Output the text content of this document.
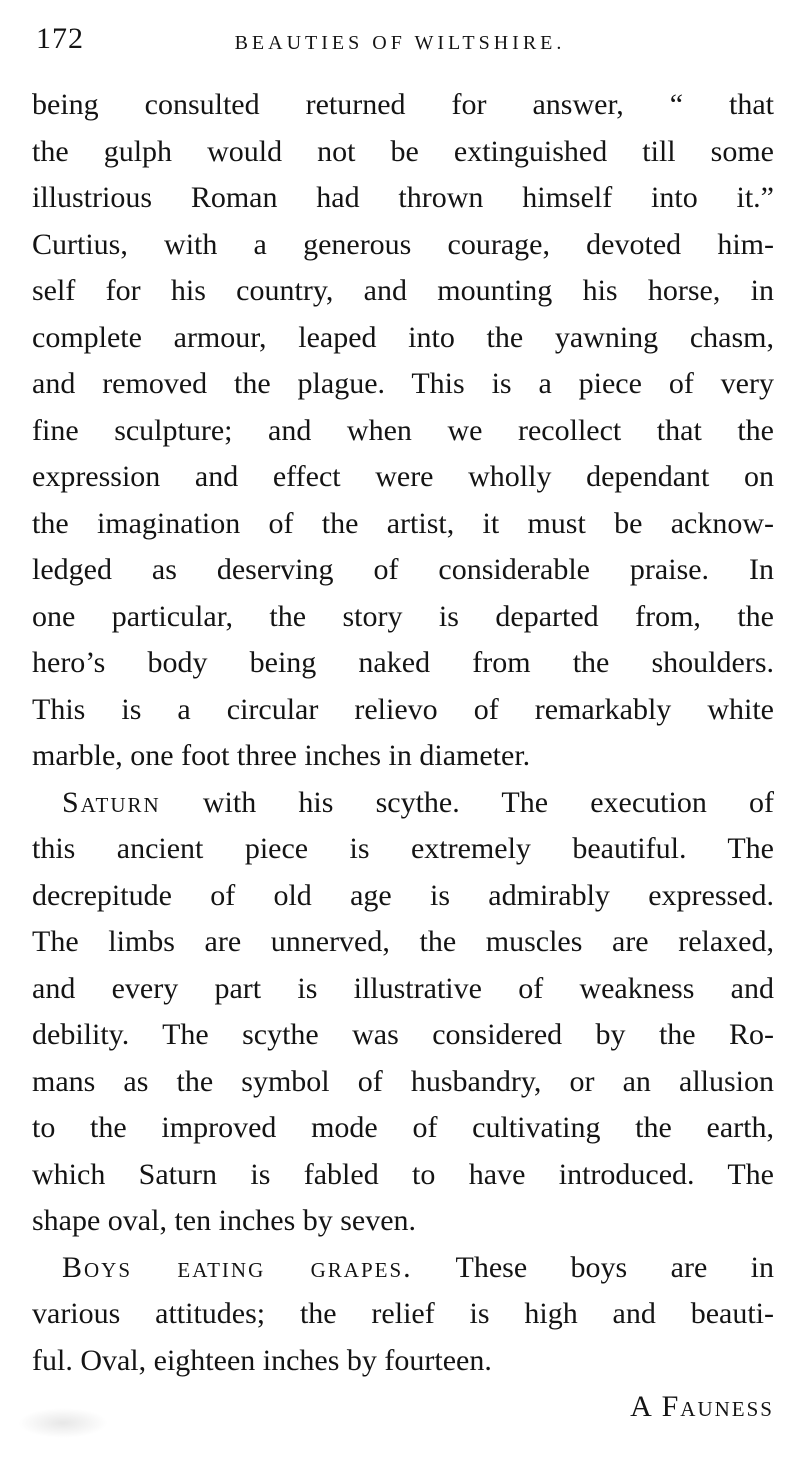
172	BEAUTIES OF WILTSHIRE.
being consulted returned for answer, “ that
the gulph would not be extinguished till some
illustrious Roman had thrown himself into it.”
Curtius, with a generous courage, devoted him-
self for his country, and mounting his horse, in
complete armour, leaped into the yawning chasm,
and removed the plague. This is a piece of very
fine sculpture; and when we recollect that the
expression and effect were wholly dependant on
the imagination of the artist, it must be acknow-
ledged as deserving of considerable praise. In
one particular, the story is departed from, the
hero’s body being naked from the shoulders.
This is a circular relievo of remarkably white
marble, one foot three inches in diameter.
Saturn with his scythe. The execution of
this ancient piece is extremely beautiful. The
decrepitude of old age is admirably expressed.
The limbs are unnerved, the muscles are relaxed,
and every part is illustrative of weakness and
debility. The scythe was considered by the Ro-
mans as the symbol of husbandry, or an allusion
to the improved mode of cultivating the earth,
which Saturn is fabled to have introduced. The
shape oval, ten inches by seven.
Boys eating grapes. These boys are in
various attitudes; the relief is high and beauti-
ful. Oval, eighteen inches by fourteen.
A Fauness
